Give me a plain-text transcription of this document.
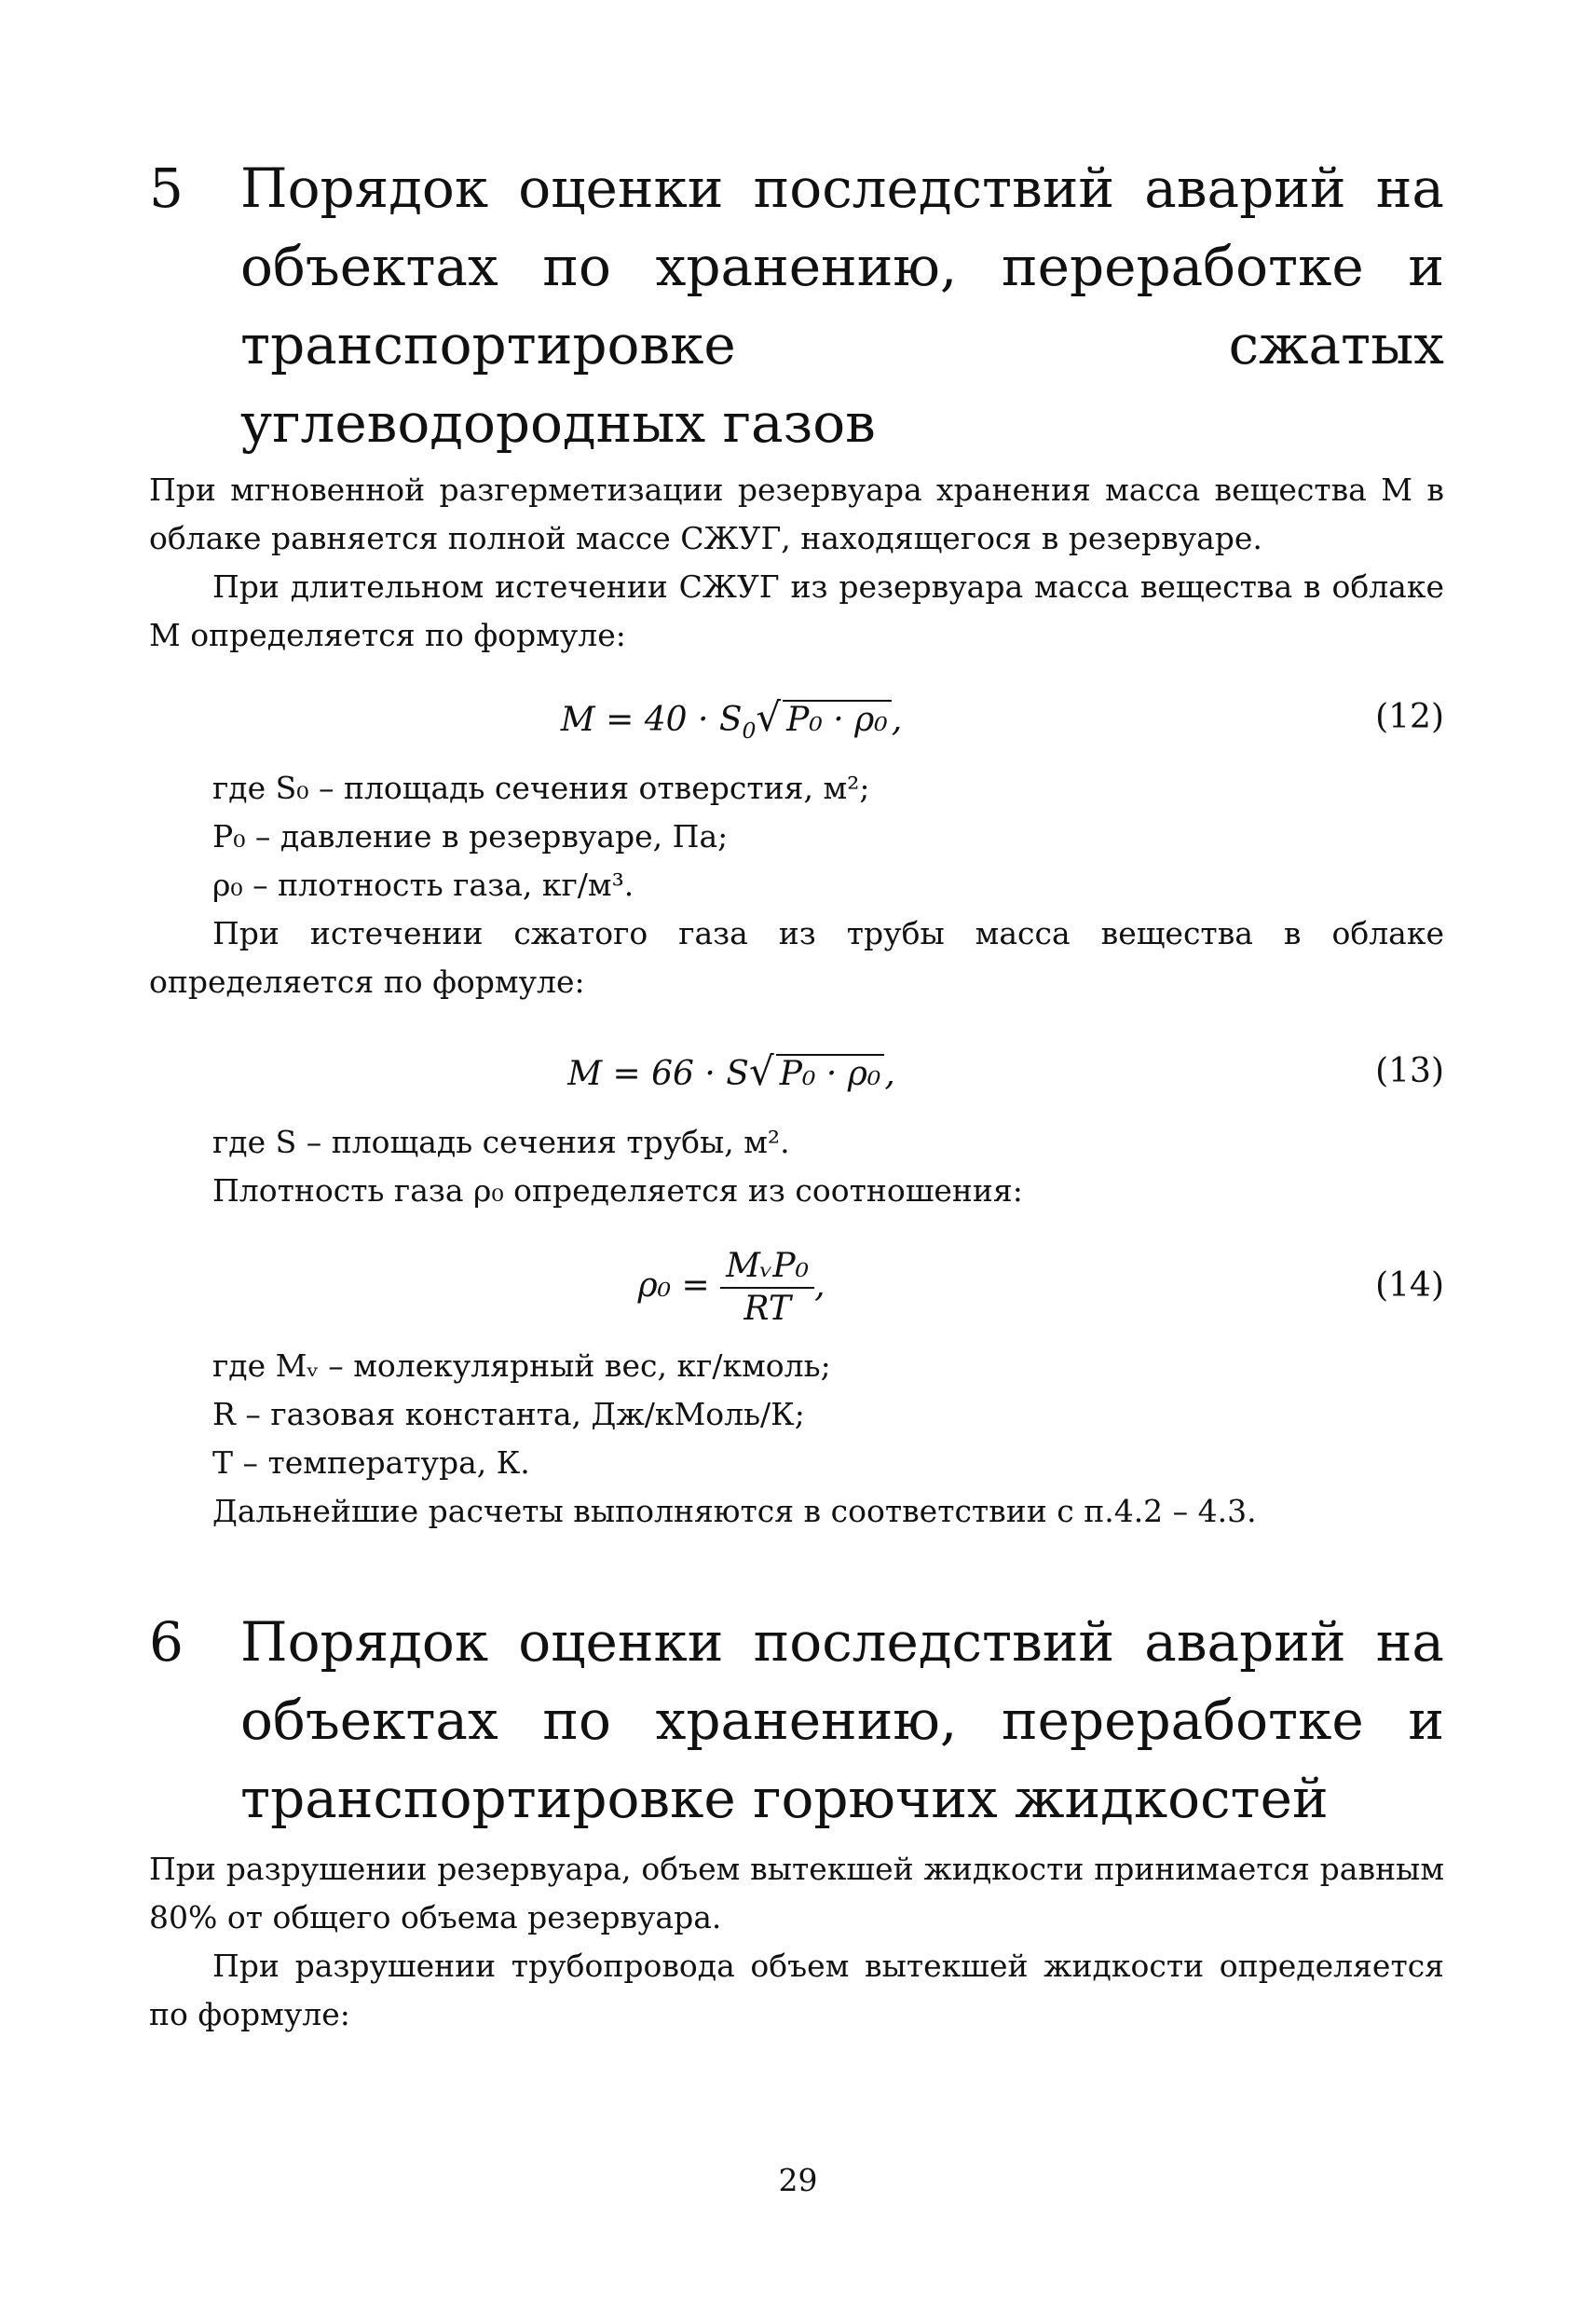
5 Порядок оценки последствий аварий на объектах по хранению, переработке и транспортировке сжатых углеводородных газов

При мгновенной разгерметизации резервуара хранения масса вещества M в облаке равняется полной массе СЖУГ, находящегося в резервуаре.

При длительном истечении СЖУГ из резервуара масса вещества в облаке M определяется по формуле:

$M = 40 \cdot S_0√$ P₀ · ρ₀ ,	(12)
где S₀ – площадь сечения отверстия, м²;
P₀ – давление в резервуаре, Па;
ρ₀ – плотность газа, кг/м³.

При истечении сжатого газа из трубы масса вещества в облаке определяется по формуле:

M = 66 · S√ P₀ · ρ₀ ,	(13)
где S – площадь сечения трубы, м².
Плотность газа ρ₀ определяется из соотношения:
$\rho_0 = \frac{\text{MᵥP₀}}{RT}$ ,	(14)
где Mᵥ – молекулярный вес, кг/кмоль;
R – газовая константа, Дж/кМоль/К;
T – температура, К.
Дальнейшие расчеты выполняются в соответствии с п.4.2 – 4.3.
6 Порядок оценки последствий аварий на объектах по хранению, переработке и транспортировке горючих жидкостей

При разрушении резервуара, объем вытекшей жидкости принимается равным 80% от общего объема резервуара.

При разрушении трубопровода объем вытекшей жидкости определяется по формуле:

29
